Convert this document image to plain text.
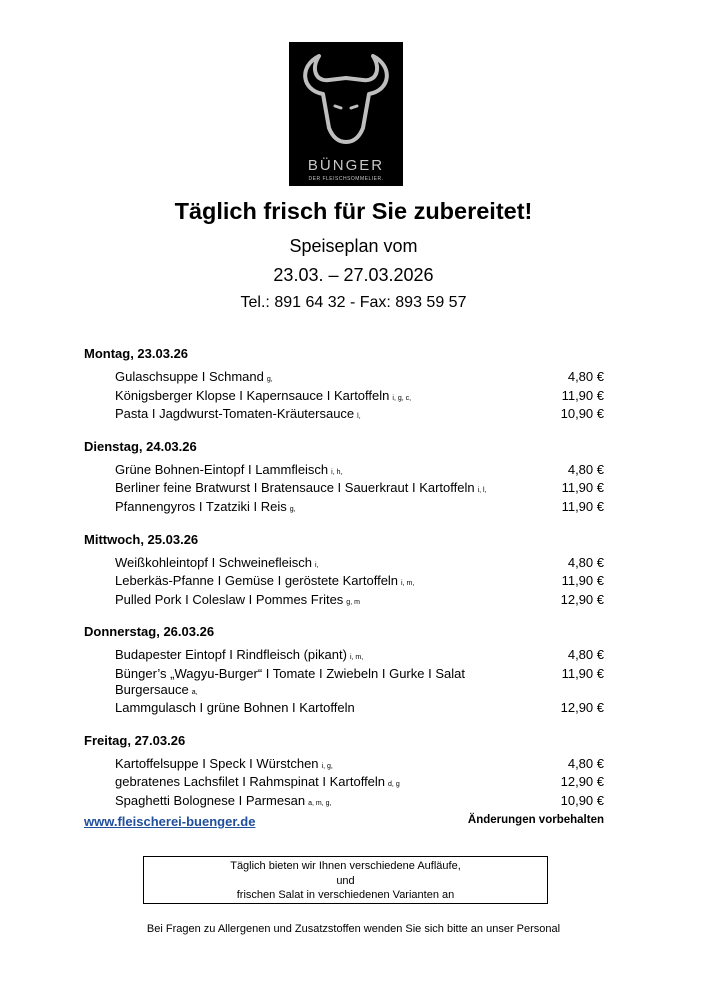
BÜNGER
DER FLEISCHSOMMELIER.
Täglich frisch für Sie zubereitet!
Speiseplan vom
23.03. – 27.03.2026
Tel.: 891 64 32 - Fax: 893 59 57
Montag, 23.03.26
Gulaschsuppe I Schmand g,	4,80 €
Königsberger Klopse I Kapernsauce I Kartoffeln i, g, c,	11,90 €
Pasta I Jagdwurst-Tomaten-Kräutersauce l,	10,90 €
Dienstag, 24.03.26
Grüne Bohnen-Eintopf I Lammfleisch i, h,	4,80 €
Berliner feine Bratwurst I Bratensauce I Sauerkraut I Kartoffeln i, l,	11,90 €
Pfannengyros I Tzatziki I Reis g,	11,90 €
Mittwoch, 25.03.26
Weißkohleintopf I Schweinefleisch i,	4,80 €
Leberkäs-Pfanne I Gemüse I geröstete Kartoffeln i, m,	11,90 €
Pulled Pork I Coleslaw I Pommes Frites g, m	12,90 €
Donnerstag, 26.03.26
Budapester Eintopf I Rindfleisch (pikant) i, m,	4,80 €
Bünger’s „Wagyu-Burger“ I Tomate I Zwiebeln I Gurke I Salat Burgersauce a,
11,90 €
Lammgulasch I grüne Bohnen I Kartoffeln	12,90 €
Freitag, 27.03.26
Kartoffelsuppe I Speck I Würstchen i, g,	4,80 €
gebratenes Lachsfilet I Rahmspinat I Kartoffeln d, g	12,90 €
Spaghetti Bolognese I Parmesan a, m, g,	10,90 €
www.fleischerei-buenger.de	Änderungen vorbehalten
Täglich bieten wir Ihnen verschiedene Aufläufe,
und
frischen Salat in verschiedenen Varianten an
Bei Fragen zu Allergenen und Zusatzstoffen wenden Sie sich bitte an unser Personal
